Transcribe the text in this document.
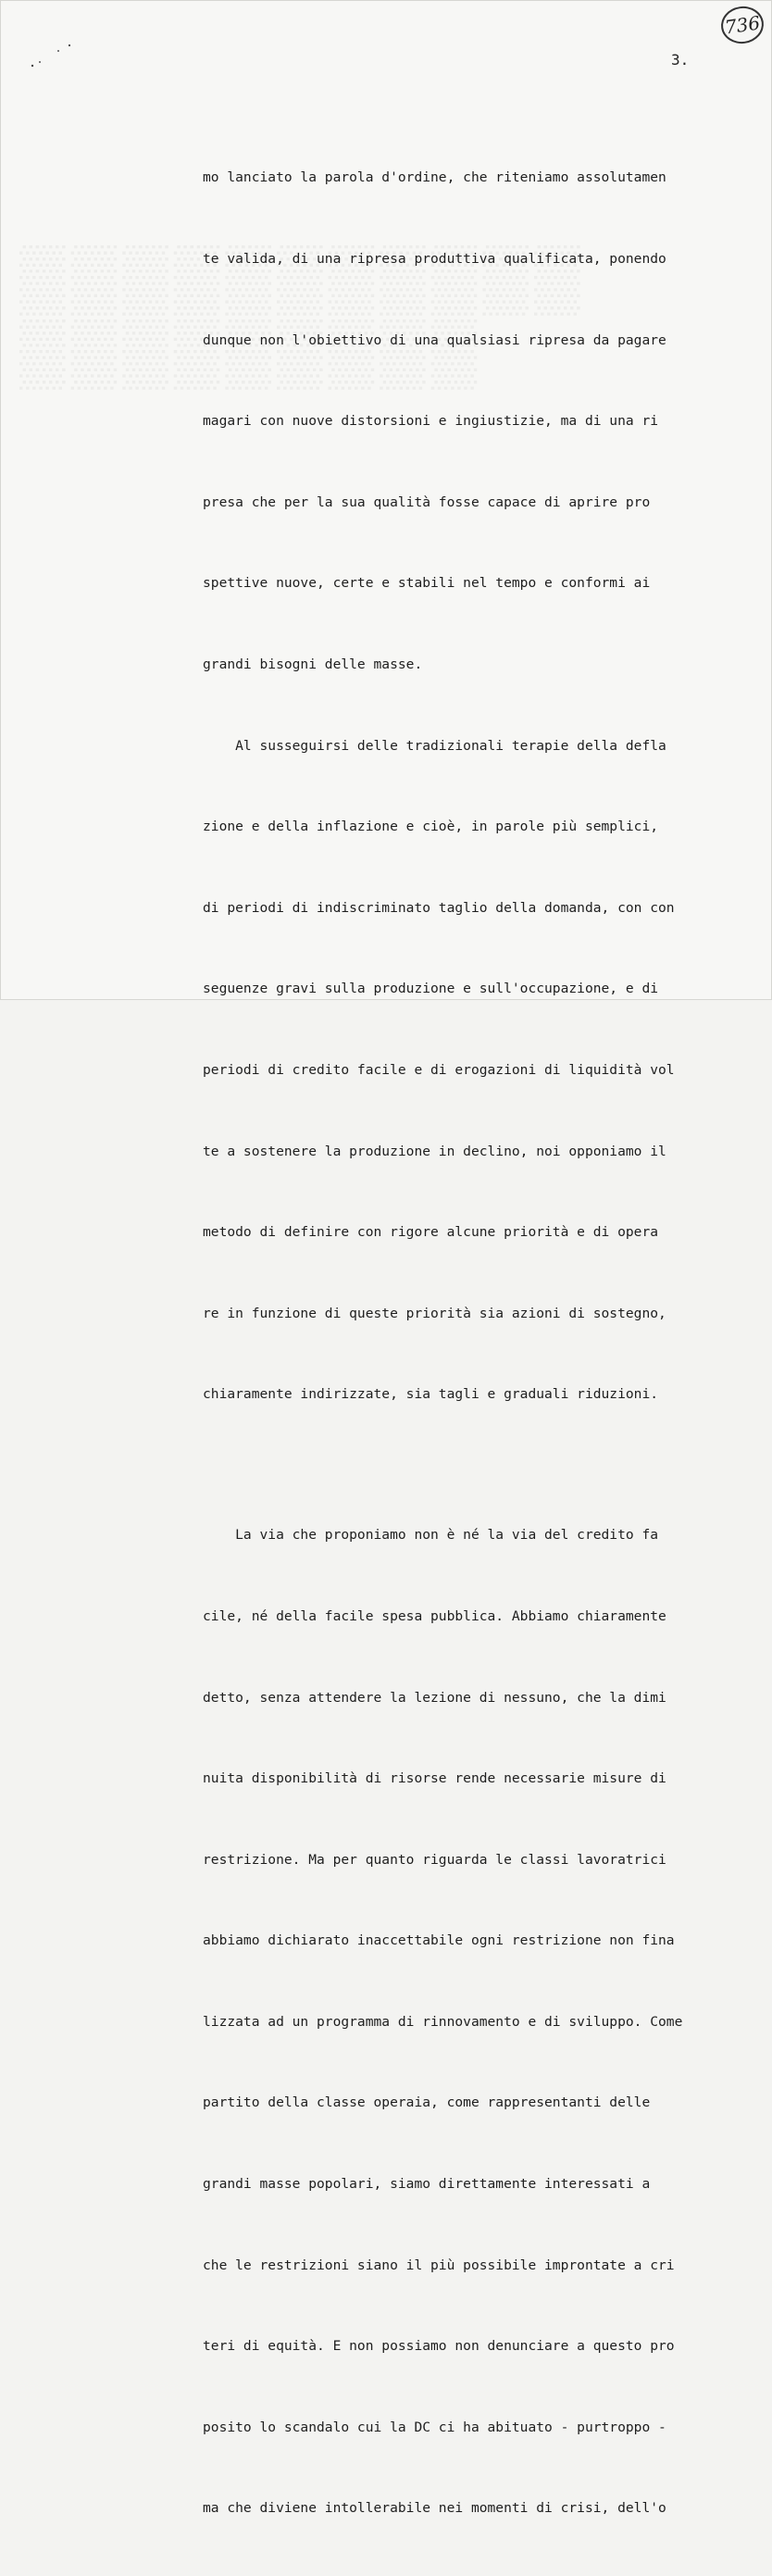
736
3.

mo lanciato la parola d'ordine, che riteniamo assolutamen

te valida, di una ripresa produttiva qualificata, ponendo

dunque non l'obiettivo di una qualsiasi ripresa da pagare

magari con nuove distorsioni e ingiustizie, ma di una ri

presa che per la sua qualità fosse capace di aprire pro

spettive nuove, certe e stabili nel tempo e conformi ai

grandi bisogni delle masse.

Al susseguirsi delle tradizionali terapie della defla

zione e della inflazione e cioè, in parole più semplici,

di periodi di indiscriminato taglio della domanda, con con

seguenze gravi sulla produzione e sull'occupazione, e di

periodi di credito facile e di erogazioni di liquidità vol

te a sostenere la produzione in declino, noi opponiamo il

metodo di definire con rigore alcune priorità e di opera

re in funzione di queste priorità sia azioni di sostegno,

chiaramente indirizzate, sia tagli e graduali riduzioni.

La via che proponiamo non è né la via del credito fa

cile, né della facile spesa pubblica. Abbiamo chiaramente

detto, senza attendere la lezione di nessuno, che la dimi

nuita disponibilità di risorse rende necessarie misure di

restrizione. Ma per quanto riguarda le classi lavoratrici

abbiamo dichiarato inaccettabile ogni restrizione non fina

lizzata ad un programma di rinnovamento e di sviluppo. Come

partito della classe operaia, come rappresentanti delle

grandi masse popolari, siamo direttamente interessati a

che le restrizioni siano il più possibile improntate a cri

teri di equità. E non possiamo non denunciare a questo pro

posito lo scandalo cui la DC ci ha abituato - purtroppo -

ma che diviene intollerabile nei momenti di crisi, dell'o
